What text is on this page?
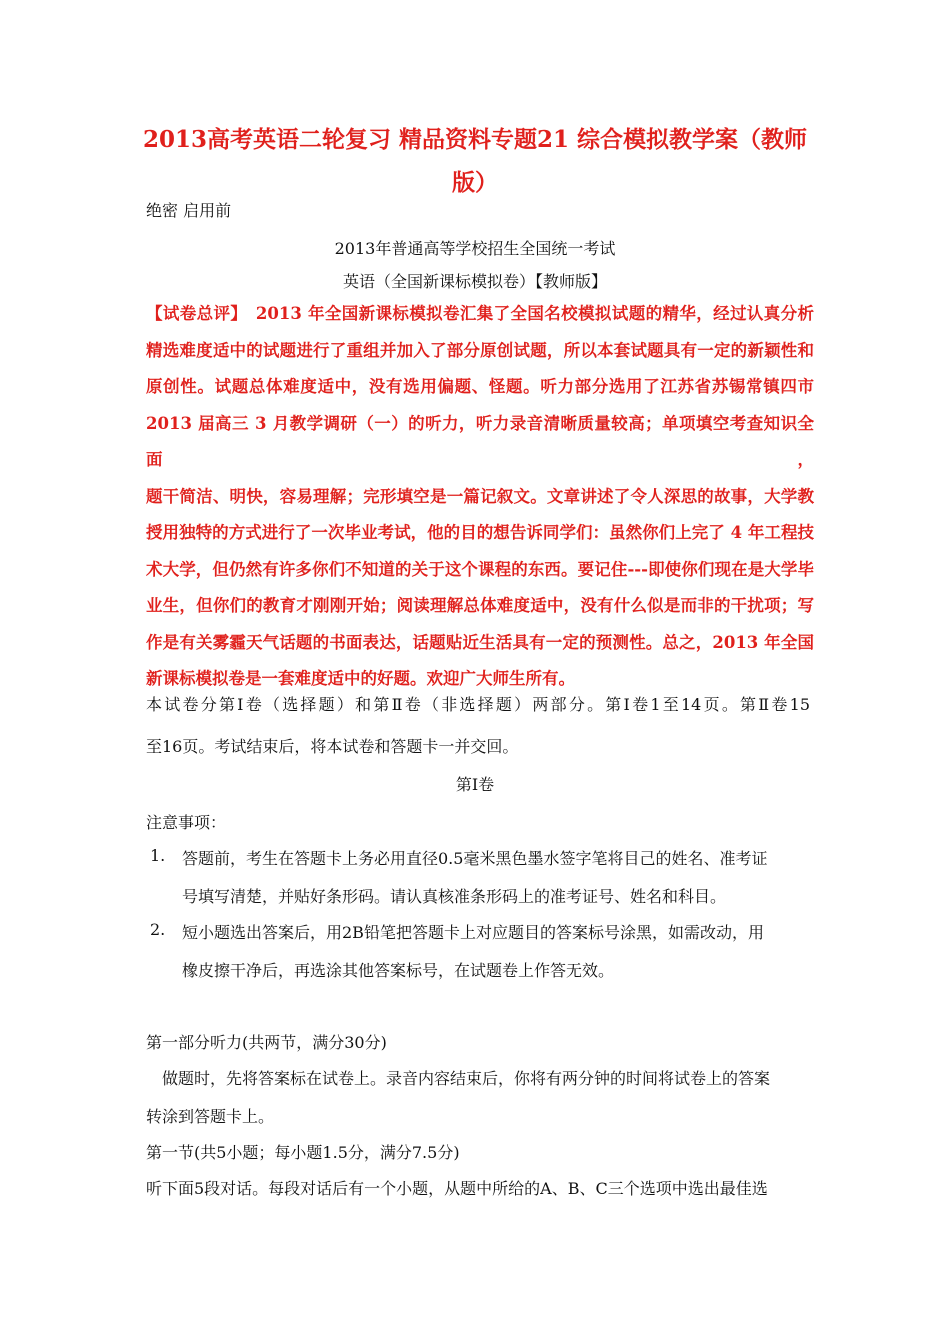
2013高考英语二轮复习 精品资料专题21 综合模拟教学案（教师
版）
绝密 启用前
2013年普通高等学校招生全国统一考试
英语（全国新课标模拟卷）【教师版】
【试卷总评】　2013 年全国新课标模拟卷汇集了全国名校模拟试题的精华，经过认真分析
精选难度适中的试题进行了重组并加入了部分原创试题，所以本套试题具有一定的新颖性和
原创性。试题总体难度适中，没有选用偏题、怪题。听力部分选用了江苏省苏锡常镇四市
2013 届高三 3 月教学调研（一）的听力，听力录音清晰质量较高；单项填空考查知识全面，
题干简洁、明快，容易理解；完形填空是一篇记叙文。文章讲述了令人深思的故事，大学教
授用独特的方式进行了一次毕业考试，他的目的想告诉同学们：虽然你们上完了 4 年工程技
术大学，但仍然有许多你们不知道的关于这个课程的东西。要记住---即使你们现在是大学毕
业生，但你们的教育才刚刚开始；阅读理解总体难度适中，没有什么似是而非的干扰项；写
作是有关雾霾天气话题的书面表达，话题贴近生活具有一定的预测性。总之，2013 年全国
新课标模拟卷是一套难度适中的好题。欢迎广大师生所有。
本试卷分第Ⅰ卷（选择题）和第Ⅱ卷（非选择题）两部分。第Ⅰ卷1至14页。第Ⅱ卷15
至16页。考试结束后，将本试卷和答题卡一并交回。
第Ⅰ卷
注意事项：
1. 答题前，考生在答题卡上务必用直径0.5毫米黑色墨水签字笔将目己的姓名、准考证
号填写清楚，并贴好条形码。请认真核准条形码上的准考证号、姓名和科目。
2. 短小题选出答案后，用2B铅笔把答题卡上对应题目的答案标号涂黑，如需改动，用
橡皮擦干净后，再选涂其他答案标号，在试题卷上作答无效。
第一部分听力(共两节，满分30分)
做题时，先将答案标在试卷上。录音内容结束后，你将有两分钟的时间将试卷上的答案
转涂到答题卡上。
第一节(共5小题；每小题1.5分，满分7.5分)
听下面5段对话。每段对话后有一个小题，从题中所给的A、B、C三个选项中选出最佳选
